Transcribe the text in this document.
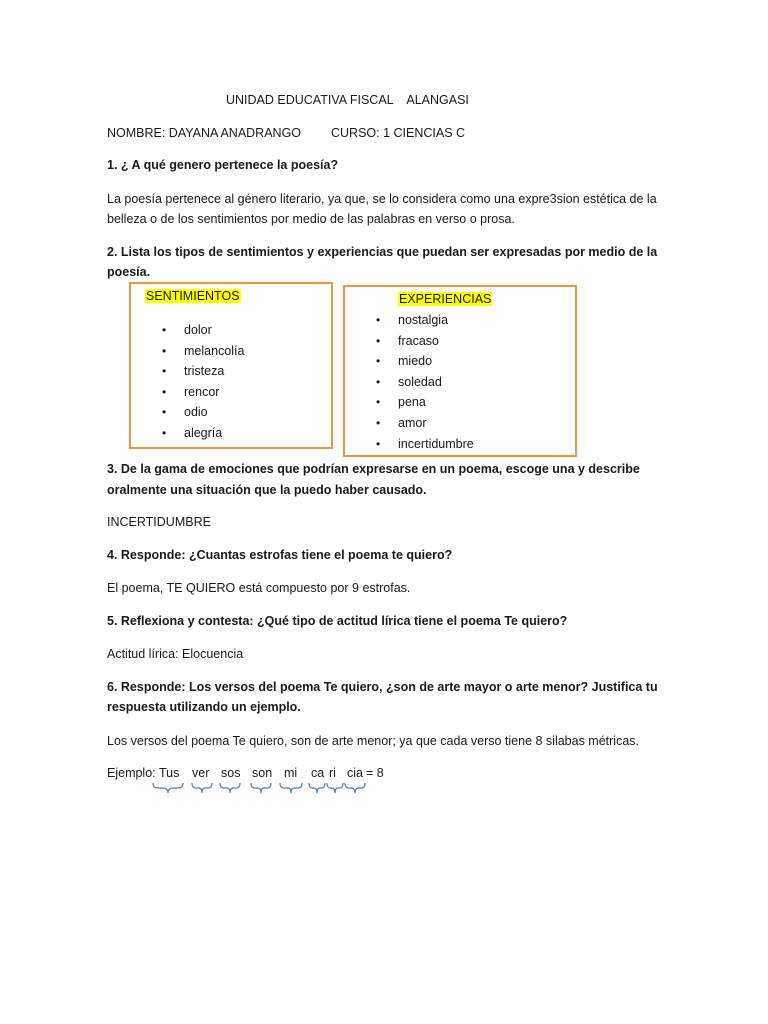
UNIDAD EDUCATIVA FISCAL    ALANGASI
NOMBRE: DAYANA ANADRANGO CURSO: 1 CIENCIAS C
1. ¿ A qué genero pertenece la poesía?
La poesía pertenece al género literario, ya que, se lo considera como una expre3sion estética de la
belleza o de los sentimientos por medio de las palabras en verso o prosa.
2. Lista los tipos de sentimientos y experiencias que puedan ser expresadas por medio de la
poesía.
SENTIMIENTOS
• dolor
• melancolía
• tristeza
• rencor
• odio
• alegría
EXPERIENCIAS
• nostalgia
• fracaso
• miedo
• soledad
• pena
• amor
• incertidumbre
3. De la gama de emociones que podrían expresarse en un poema, escoge una y describe
oralmente una situación que la puedo haber causado.
INCERTIDUMBRE
4. Responde: ¿Cuantas estrofas tiene el poema te quiero?
El poema, TE QUIERO está compuesto por 9 estrofas.
5. Reflexiona y contesta: ¿Qué tipo de actitud lírica tiene el poema Te quiero?
Actitud lírica: Elocuencia
6. Responde: Los versos del poema Te quiero, ¿son de arte mayor o arte menor? Justifica tu
respuesta utilizando un ejemplo.
Los versos del poema Te quiero, son de arte menor; ya que cada verso tiene 8 silabas métricas.
Ejemplo: Tus ver sos son mi ca ri cia = 8
